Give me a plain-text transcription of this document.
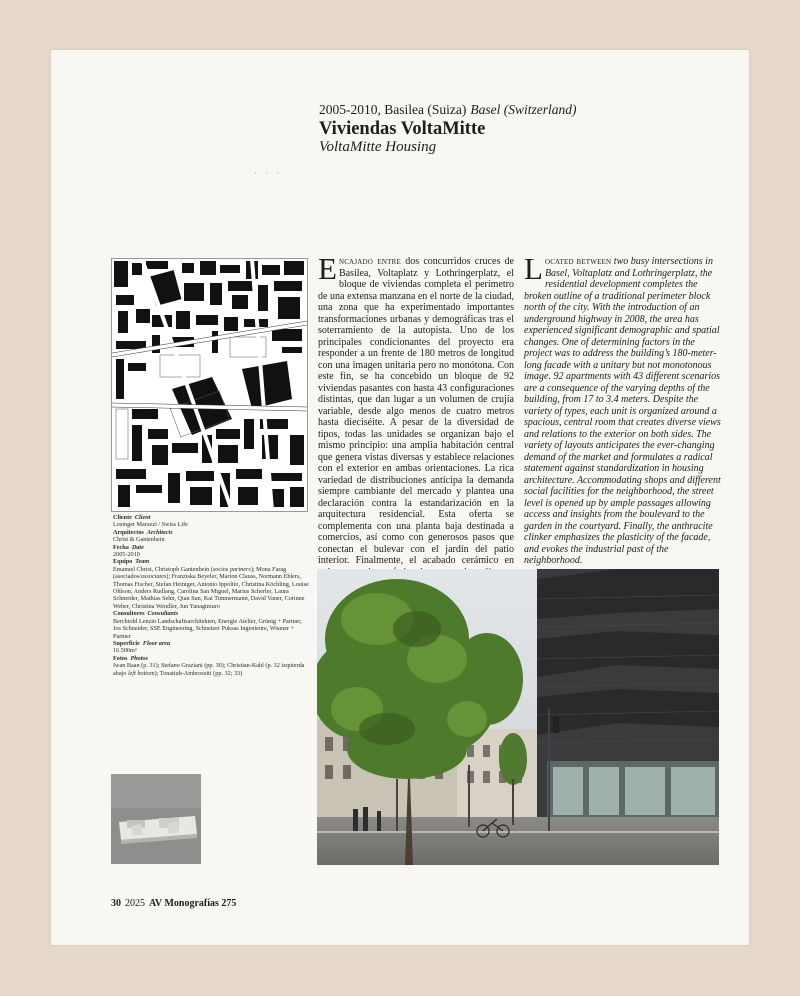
2005-2010, Basilea (Suiza) Basel (Switzerland)
Viviendas VoltaMitte
VoltaMitte Housing
· · ·
Cliente Client
Losinger Marazzi / Swiss Life
Arquitectos Architects
Christ & Gantenbein
Fecha Date
2005-2010
Equipo Team
Emanuel Christ, Christoph Gantenbein (socios partners); Mona Farag (asociados/associates); Franziska Beyeler, Marion Clauss, Normann Ehlers, Thomas Fischer, Stefan Heiniger, Antonio Ippolito, Christina Köchling, Louise Ohlson, Anders Rudlang, Carolina San Miguel, Marius Scherler, Laura Schneider, Mathias Sehn, Qian Sun, Kai Timmermann, David Vaner, Corinne Weber, Christina Wendler, Jun Yanagimuro
Consultores Consultants
Berchtold Lenzin Landschaftsarchitekten, Energie Atelier, Grünig + Partner, Jos Schneider, SSE Engineering, Schnetzer Puksas Ingenieure, Wismer + Partner
Superficie Floor area
16.500m²
Fotos Photos
Iwan Baan (p. 31); Stefano Graziani (pp. 30); Christian-Kahl (p. 32 izquierda abajo left bottom); Tonatiuh-Ambrosetti (pp. 32; 33)
Encajado entre dos concurridos cruces de Basilea, Voltaplatz y Lothringerplatz, el bloque de viviendas completa el perímetro de una extensa manzana en el norte de la ciudad, una zona que ha experimentado importantes transformaciones urbanas y demográficas tras el soterramiento de la autopista. Uno de los principales condicionantes del proyecto era responder a un frente de 180 metros de longitud con una imagen unitaria pero no monótona. Con este fin, se ha concebido un bloque de 92 viviendas pasantes con hasta 43 configuraciones distintas, que dan lugar a un volumen de crujía variable, desde algo menos de cuatro metros hasta dieciséite. A pesar de la diversidad de tipos, todas las unidades se organizan bajo el mismo principio: una amplia habitación central que genera vistas diversas y establece relaciones con el exterior en ambas orientaciones. La rica variedad de distribuciones anticipa la demanda siempre cambiante del mercado y plantea una declaración contra la estandarización en la arquitectura residencial. Esta oferta se complementa con una planta baja destinada a comercios, así como con generosos pasos que conectan el bulevar con el jardín del patio interior. Finalmente, el acabado cerámico en
Located between two busy intersections in Basel, Voltaplatz and Lothringerplatz, the residential development completes the broken outline of a traditional perimeter block north of the city. With the introduction of an underground highway in 2008, the area has experienced significant demographic and spatial changes. One of determining factors in the project was to address the building’s 180-meter-long facade with a unitary but not monotonous image. 92 apartments with 43 different scenarios are a consequence of the varying depths of the building, from 17 to 3.4 meters. Despite the variety of types, each unit is organized around a spacious, central room that creates diverse views and relations to the exterior on both sides. The variety of layouts anticipates the ever-changing demand of the market and formulates a radical statement against standardization in housing architecture. Accommodating shops and different social facilities for the neighborhood, the street level is opened up by ample passages allowing access and insights from the boulevard to the garden in the courtyard. Finally, the anthracite clinker emphasizes the plasticity of the facade, and evokes the industrial past of the neighborhood.
30 2025 AV Monografías 275
